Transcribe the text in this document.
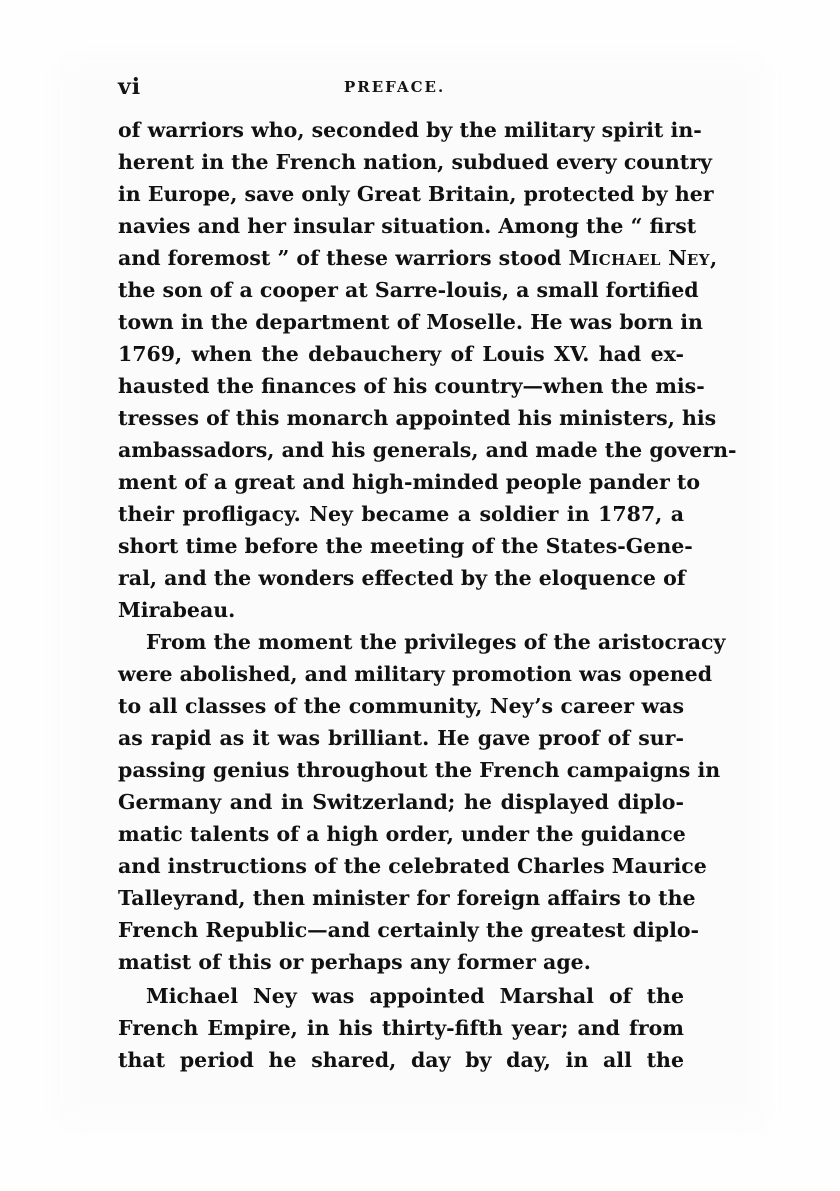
vi	PREFACE.
of warriors who, seconded by the military spirit in-
herent in the French nation, subdued every country
in Europe, save only Great Britain, protected by her
navies and her insular situation. Among the “ first
and foremost ” of these warriors stood MICHAEL NEY,
the son of a cooper at Sarre-louis, a small fortified
town in the department of Moselle. He was born in
1769, when the debauchery of Louis XV. had ex-
hausted the finances of his country—when the mis-
tresses of this monarch appointed his ministers, his
ambassadors, and his generals, and made the govern-
ment of a great and high-minded people pander to
their profligacy. Ney became a soldier in 1787, a
short time before the meeting of the States-Gene-
ral, and the wonders effected by the eloquence of
Mirabeau.
From the moment the privileges of the aristocracy
were abolished, and military promotion was opened
to all classes of the community, Ney’s career was
as rapid as it was brilliant. He gave proof of sur-
passing genius throughout the French campaigns in
Germany and in Switzerland; he displayed diplo-
matic talents of a high order, under the guidance
and instructions of the celebrated Charles Maurice
Talleyrand, then minister for foreign affairs to the
French Republic—and certainly the greatest diplo-
matist of this or perhaps any former age.
Michael Ney was appointed Marshal of the
French Empire, in his thirty-fifth year; and from
that period he shared, day by day, in all the
